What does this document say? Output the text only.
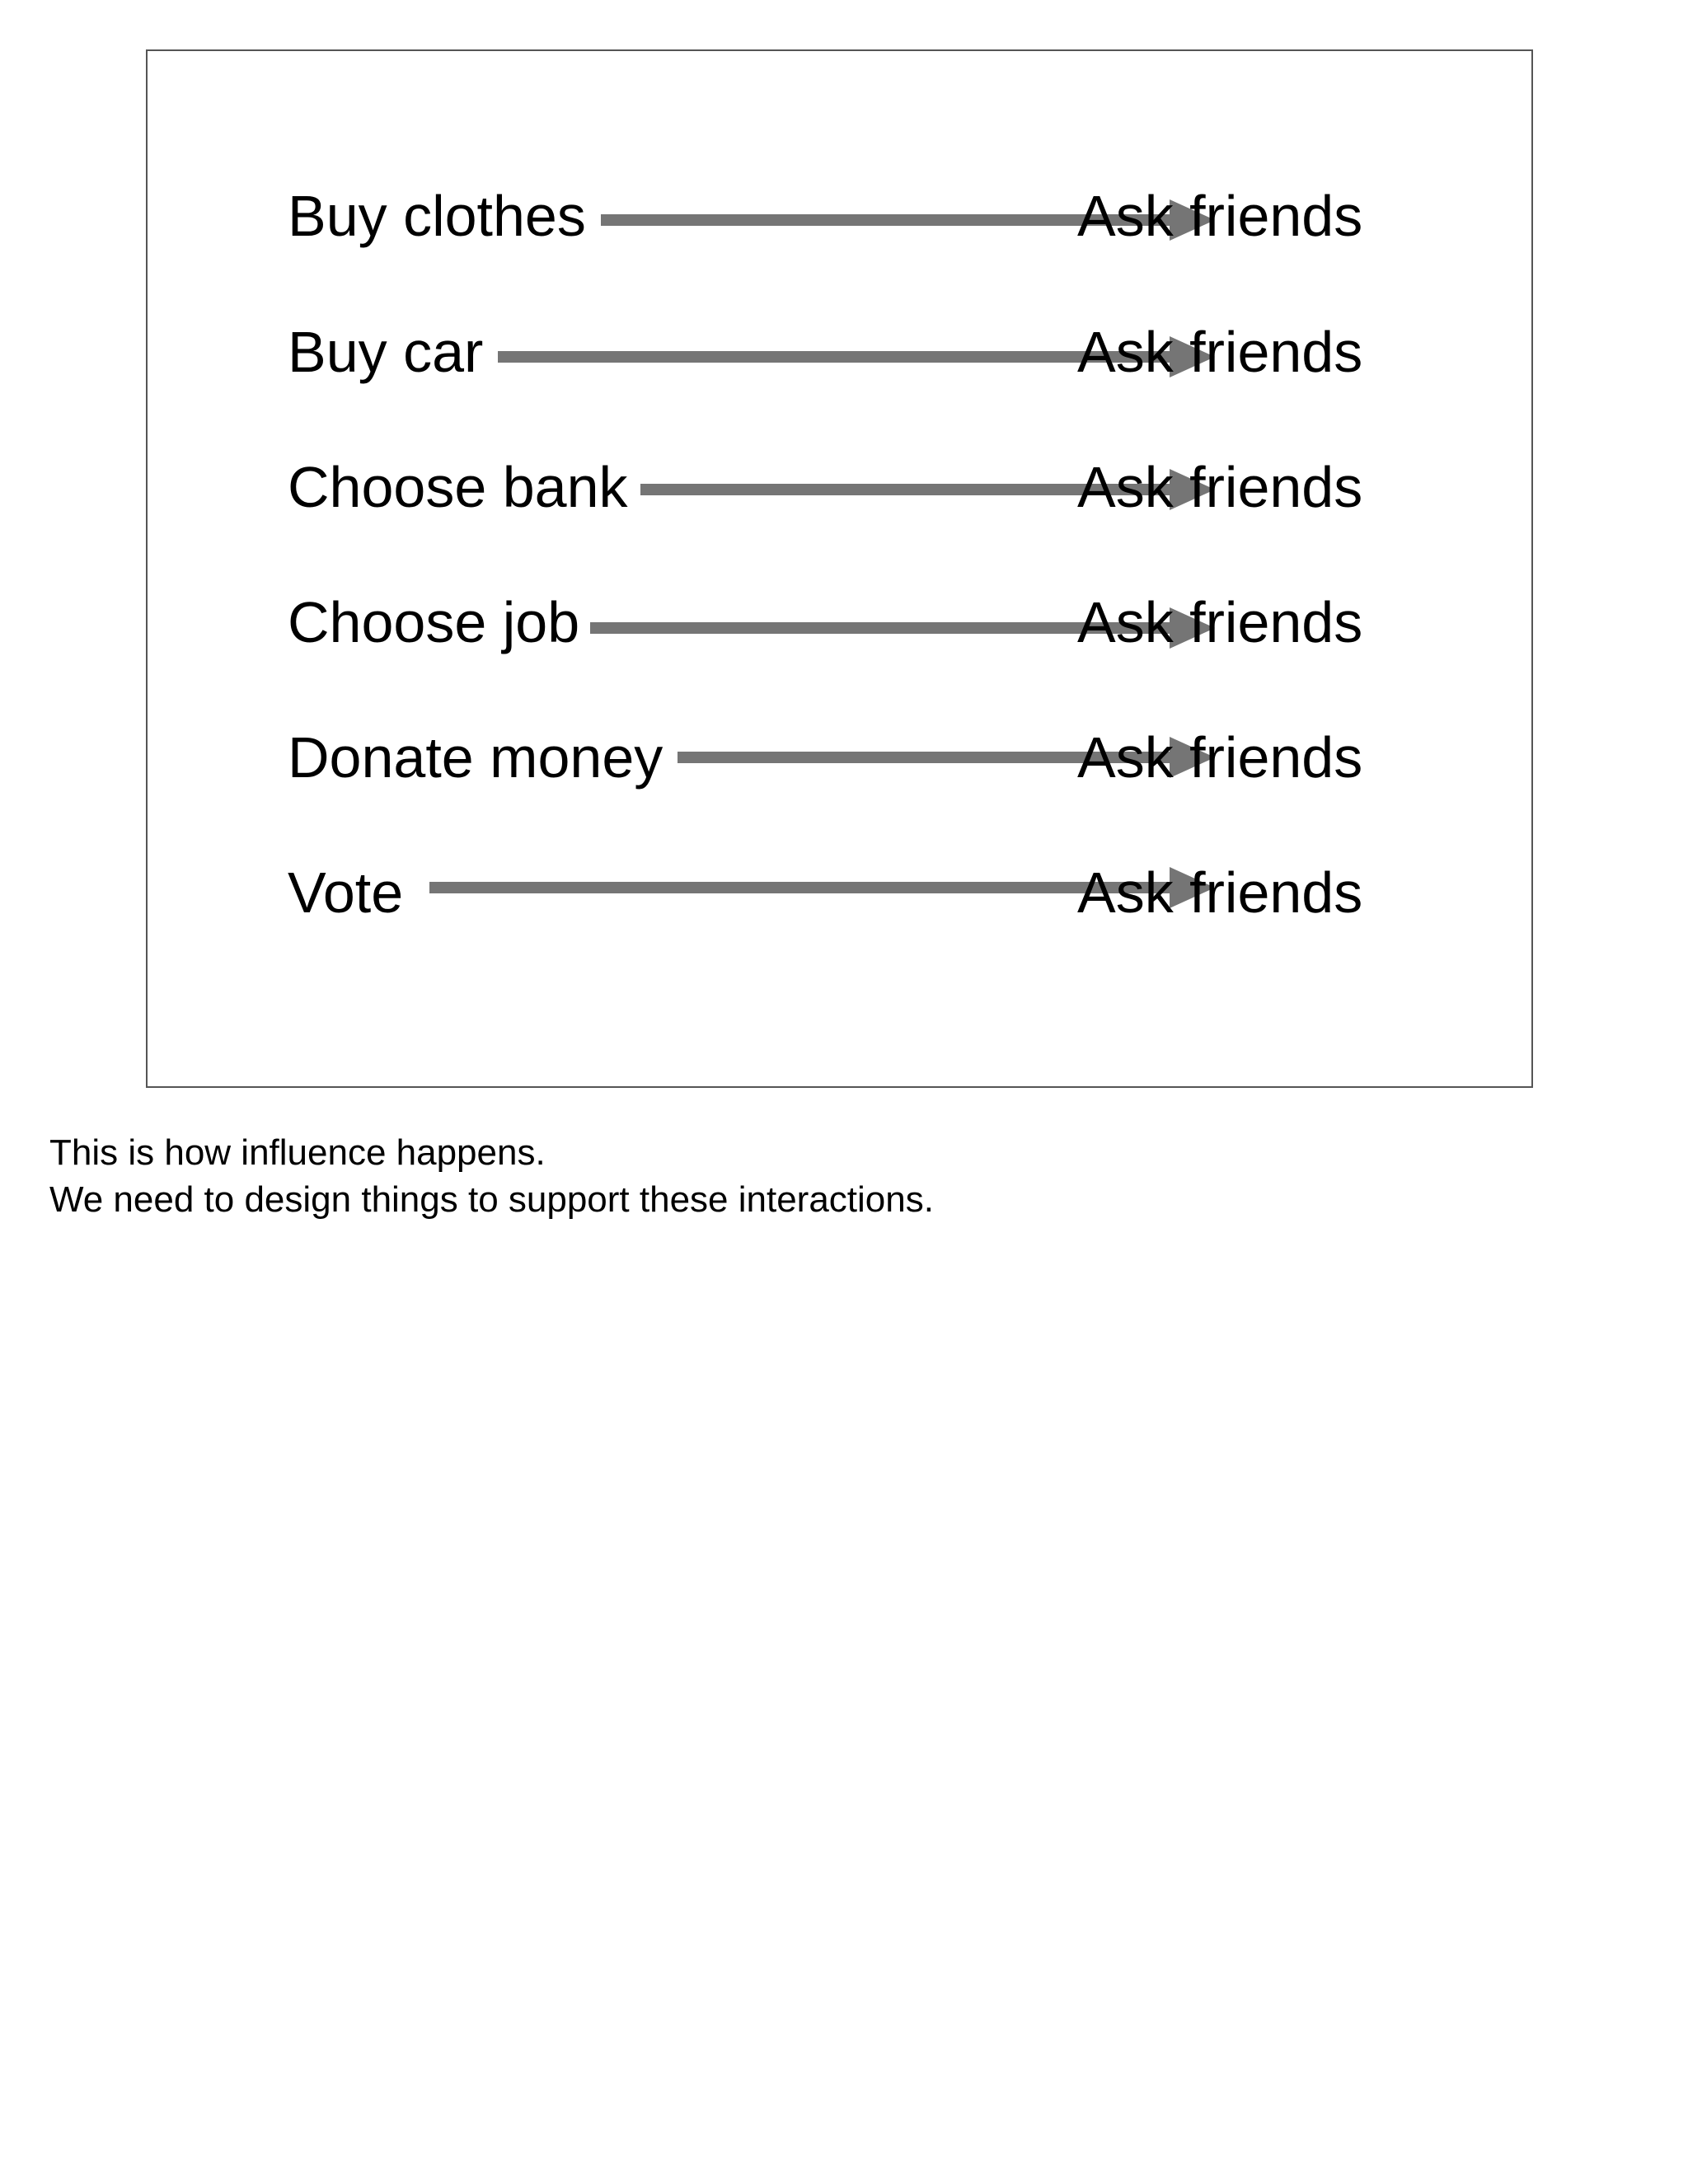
Buy clothes	Ask friends
Buy car	Ask friends
Choose bank	Ask friends
Choose job	Ask friends
Donate money	Ask friends
Vote	Ask friends
This is how influence happens.
We need to design things to support these interactions.
